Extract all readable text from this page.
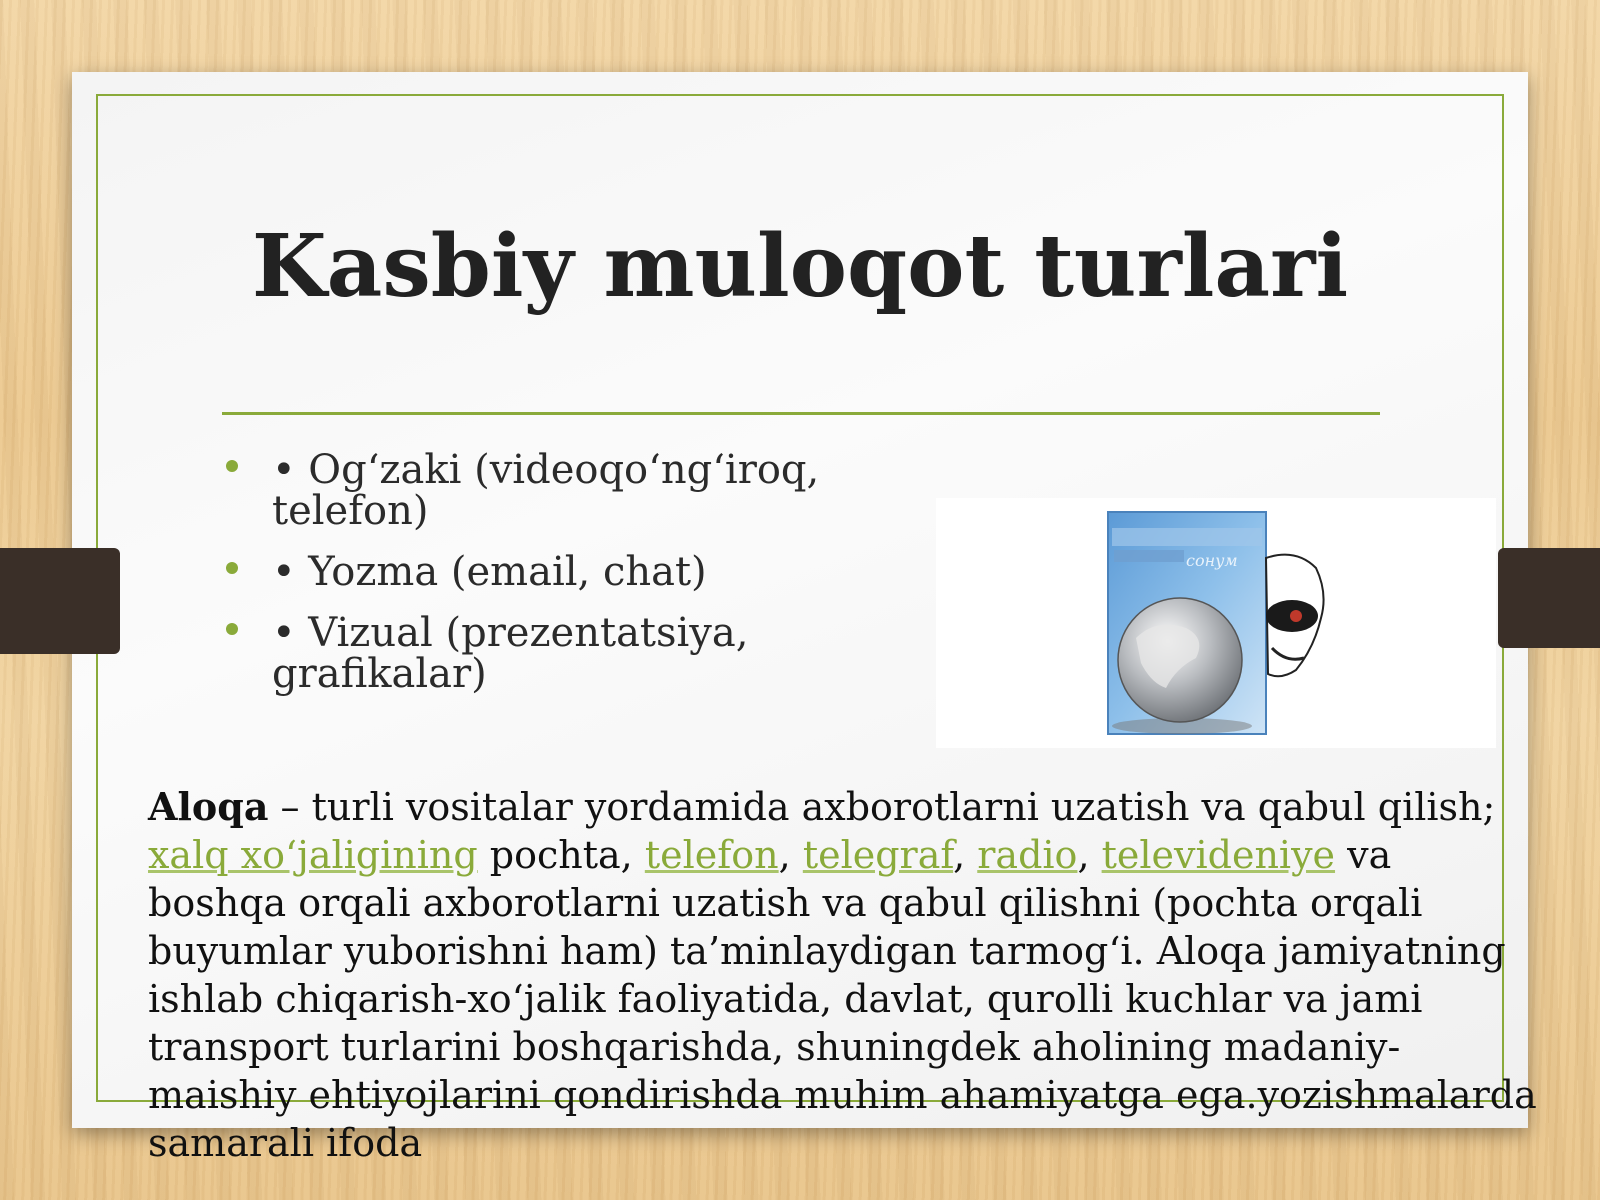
Kasbiy muloqot turlari
• Og‘zaki (videoqo‘ng‘iroq, telefon)
• Yozma (email, chat)
• Vizual (prezentatsiya, grafikalar)
сонум

Aloqa – turli vositalar yordamida axborotlarni uzatish va qabul qilish; xalq xo‘jaligining pochta, telefon, telegraf, radio, televideniye va boshqa orqali axborotlarni uzatish va qabul qilishni (pochta orqali buyumlar yuborishni ham) ta’minlaydigan tarmog‘i. Aloqa jamiyatning ishlab chiqarish-xo‘jalik faoliyatida, davlat, qurolli kuchlar va jami transport turlarini boshqarishda, shuningdek aholining madaniy-maishiy ehtiyojlarini qondirishda muhim ahamiyatga ega.yozishmalarda samarali ifoda
